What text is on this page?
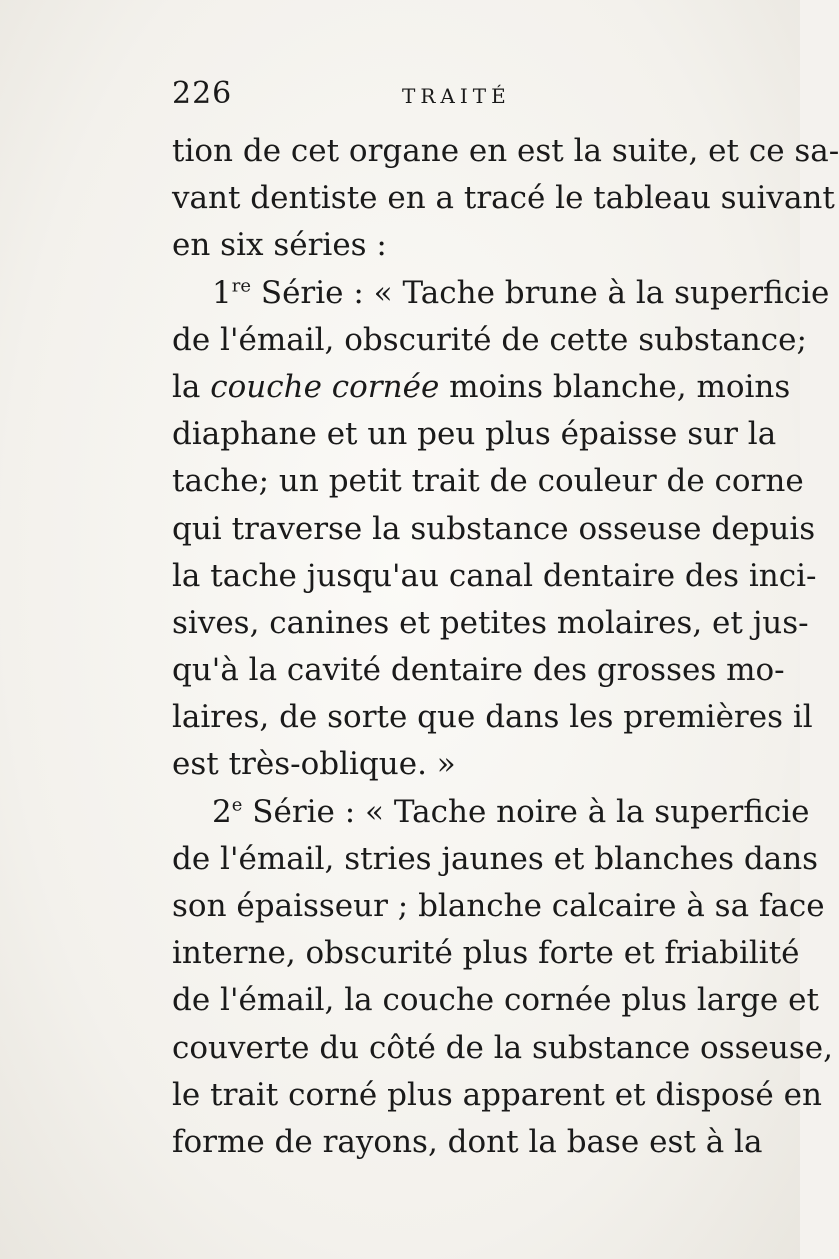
226	TRAITÉ
tion de cet organe en est la suite, et ce sa-
vant dentiste en a tracé le tableau suivant
en six séries :
1re Série : « Tache brune à la superficie
de l'émail, obscurité de cette substance;
la couche cornée moins blanche, moins
diaphane et un peu plus épaisse sur la
tache; un petit trait de couleur de corne
qui traverse la substance osseuse depuis
la tache jusqu'au canal dentaire des inci-
sives, canines et petites molaires, et jus-
qu'à la cavité dentaire des grosses mo-
laires, de sorte que dans les premières il
est très-oblique. »
2e Série : « Tache noire à la superficie
de l'émail, stries jaunes et blanches dans
son épaisseur ; blanche calcaire à sa face
interne, obscurité plus forte et friabilité
de l'émail, la couche cornée plus large et
couverte du côté de la substance osseuse,
le trait corné plus apparent et disposé en
forme de rayons, dont la base est à la
